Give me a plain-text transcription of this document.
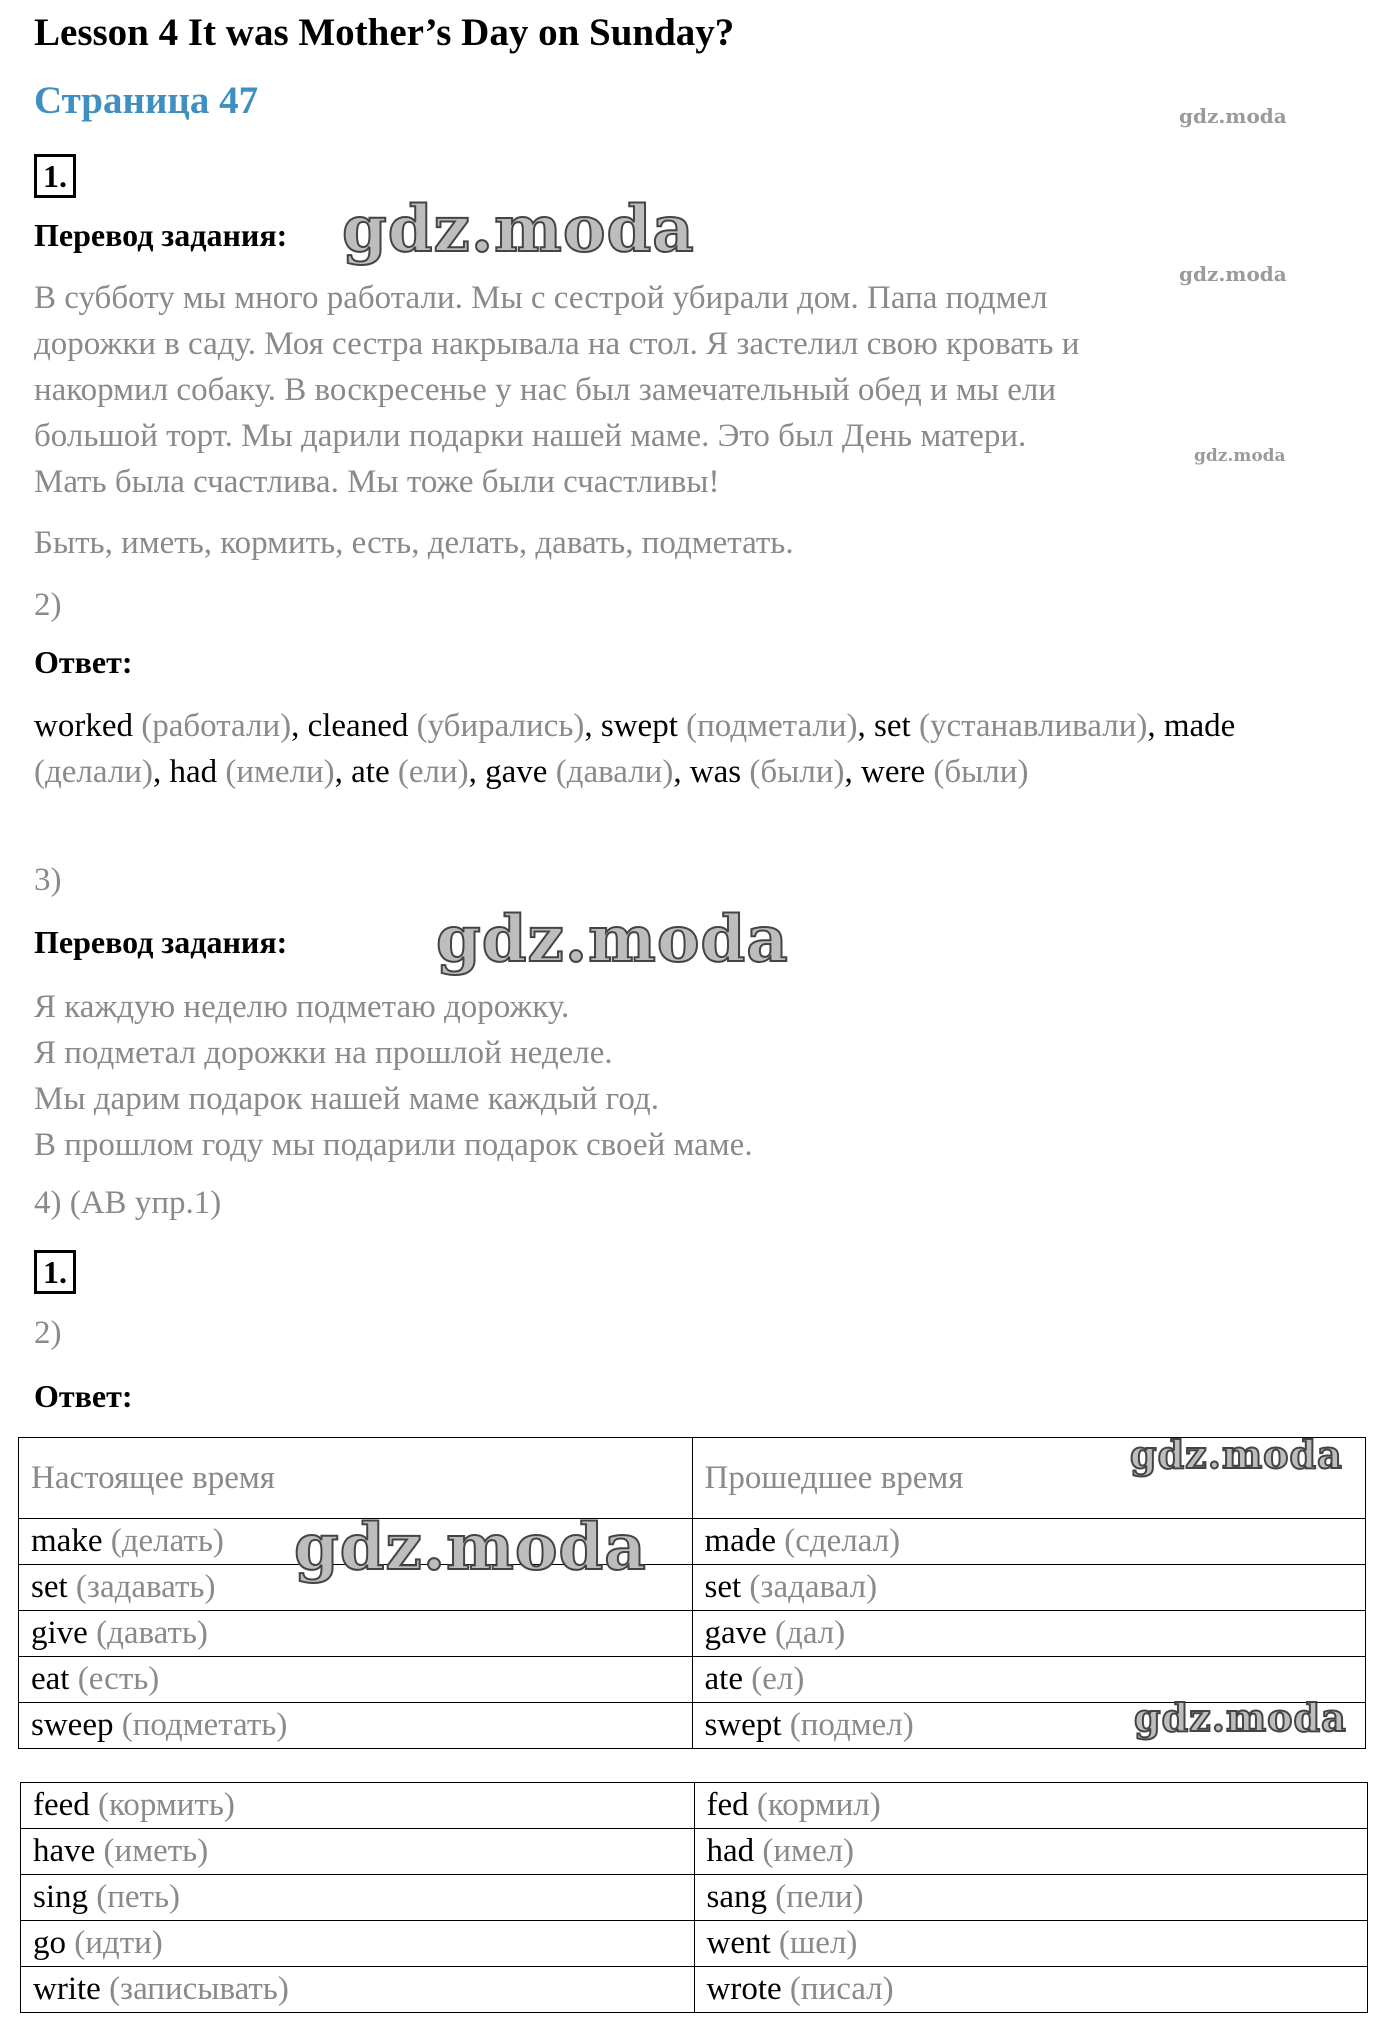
Lesson 4 It was Mother’s Day on Sunday?
Страница 47	gdz.moda
gdz.moda
gdz.moda
1.
Перевод задания: gdz.moda
В субботу мы много работали. Мы с сестрой убирали дом. Папа подмел
дорожки в саду. Моя сестра накрывала на стол. Я застелил свою кровать и
накормил собаку. В воскресенье у нас был замечательный обед и мы ели
большой торт. Мы дарили подарки нашей маме. Это был День матери.
Мать была счастлива. Мы тоже были счастливы!
Быть, иметь, кормить, есть, делать, давать, подметать.
2)
Ответ:
worked (работали), cleaned (убирались), swept (подметали), set (устанавливали), made (делали), had (имели), ate (ели), gave (давали), was (были), were (были)
3)
Перевод задания: gdz.moda
Я каждую неделю подметаю дорожку.
Я подметал дорожки на прошлой неделе.
Мы дарим подарок нашей маме каждый год.
В прошлом году мы подарили подарок своей маме.
4) (АВ упр.1)
1.
2)
Ответ:
Настоящее время	Прошедшее время
make (делать)	made (сделал)
set (задавать)	set (задавал)
give (давать)	gave (дал)
eat (есть)	ate (ел)
sweep (подметать)	swept (подмел)
feed (кормить)	fed (кормил)
have (иметь)	had (имел)
sing (петь)	sang (пели)
go (идти)	went (шел)
write (записывать)	wrote (писал)
gdz.moda
gdz.moda
gdz.moda
